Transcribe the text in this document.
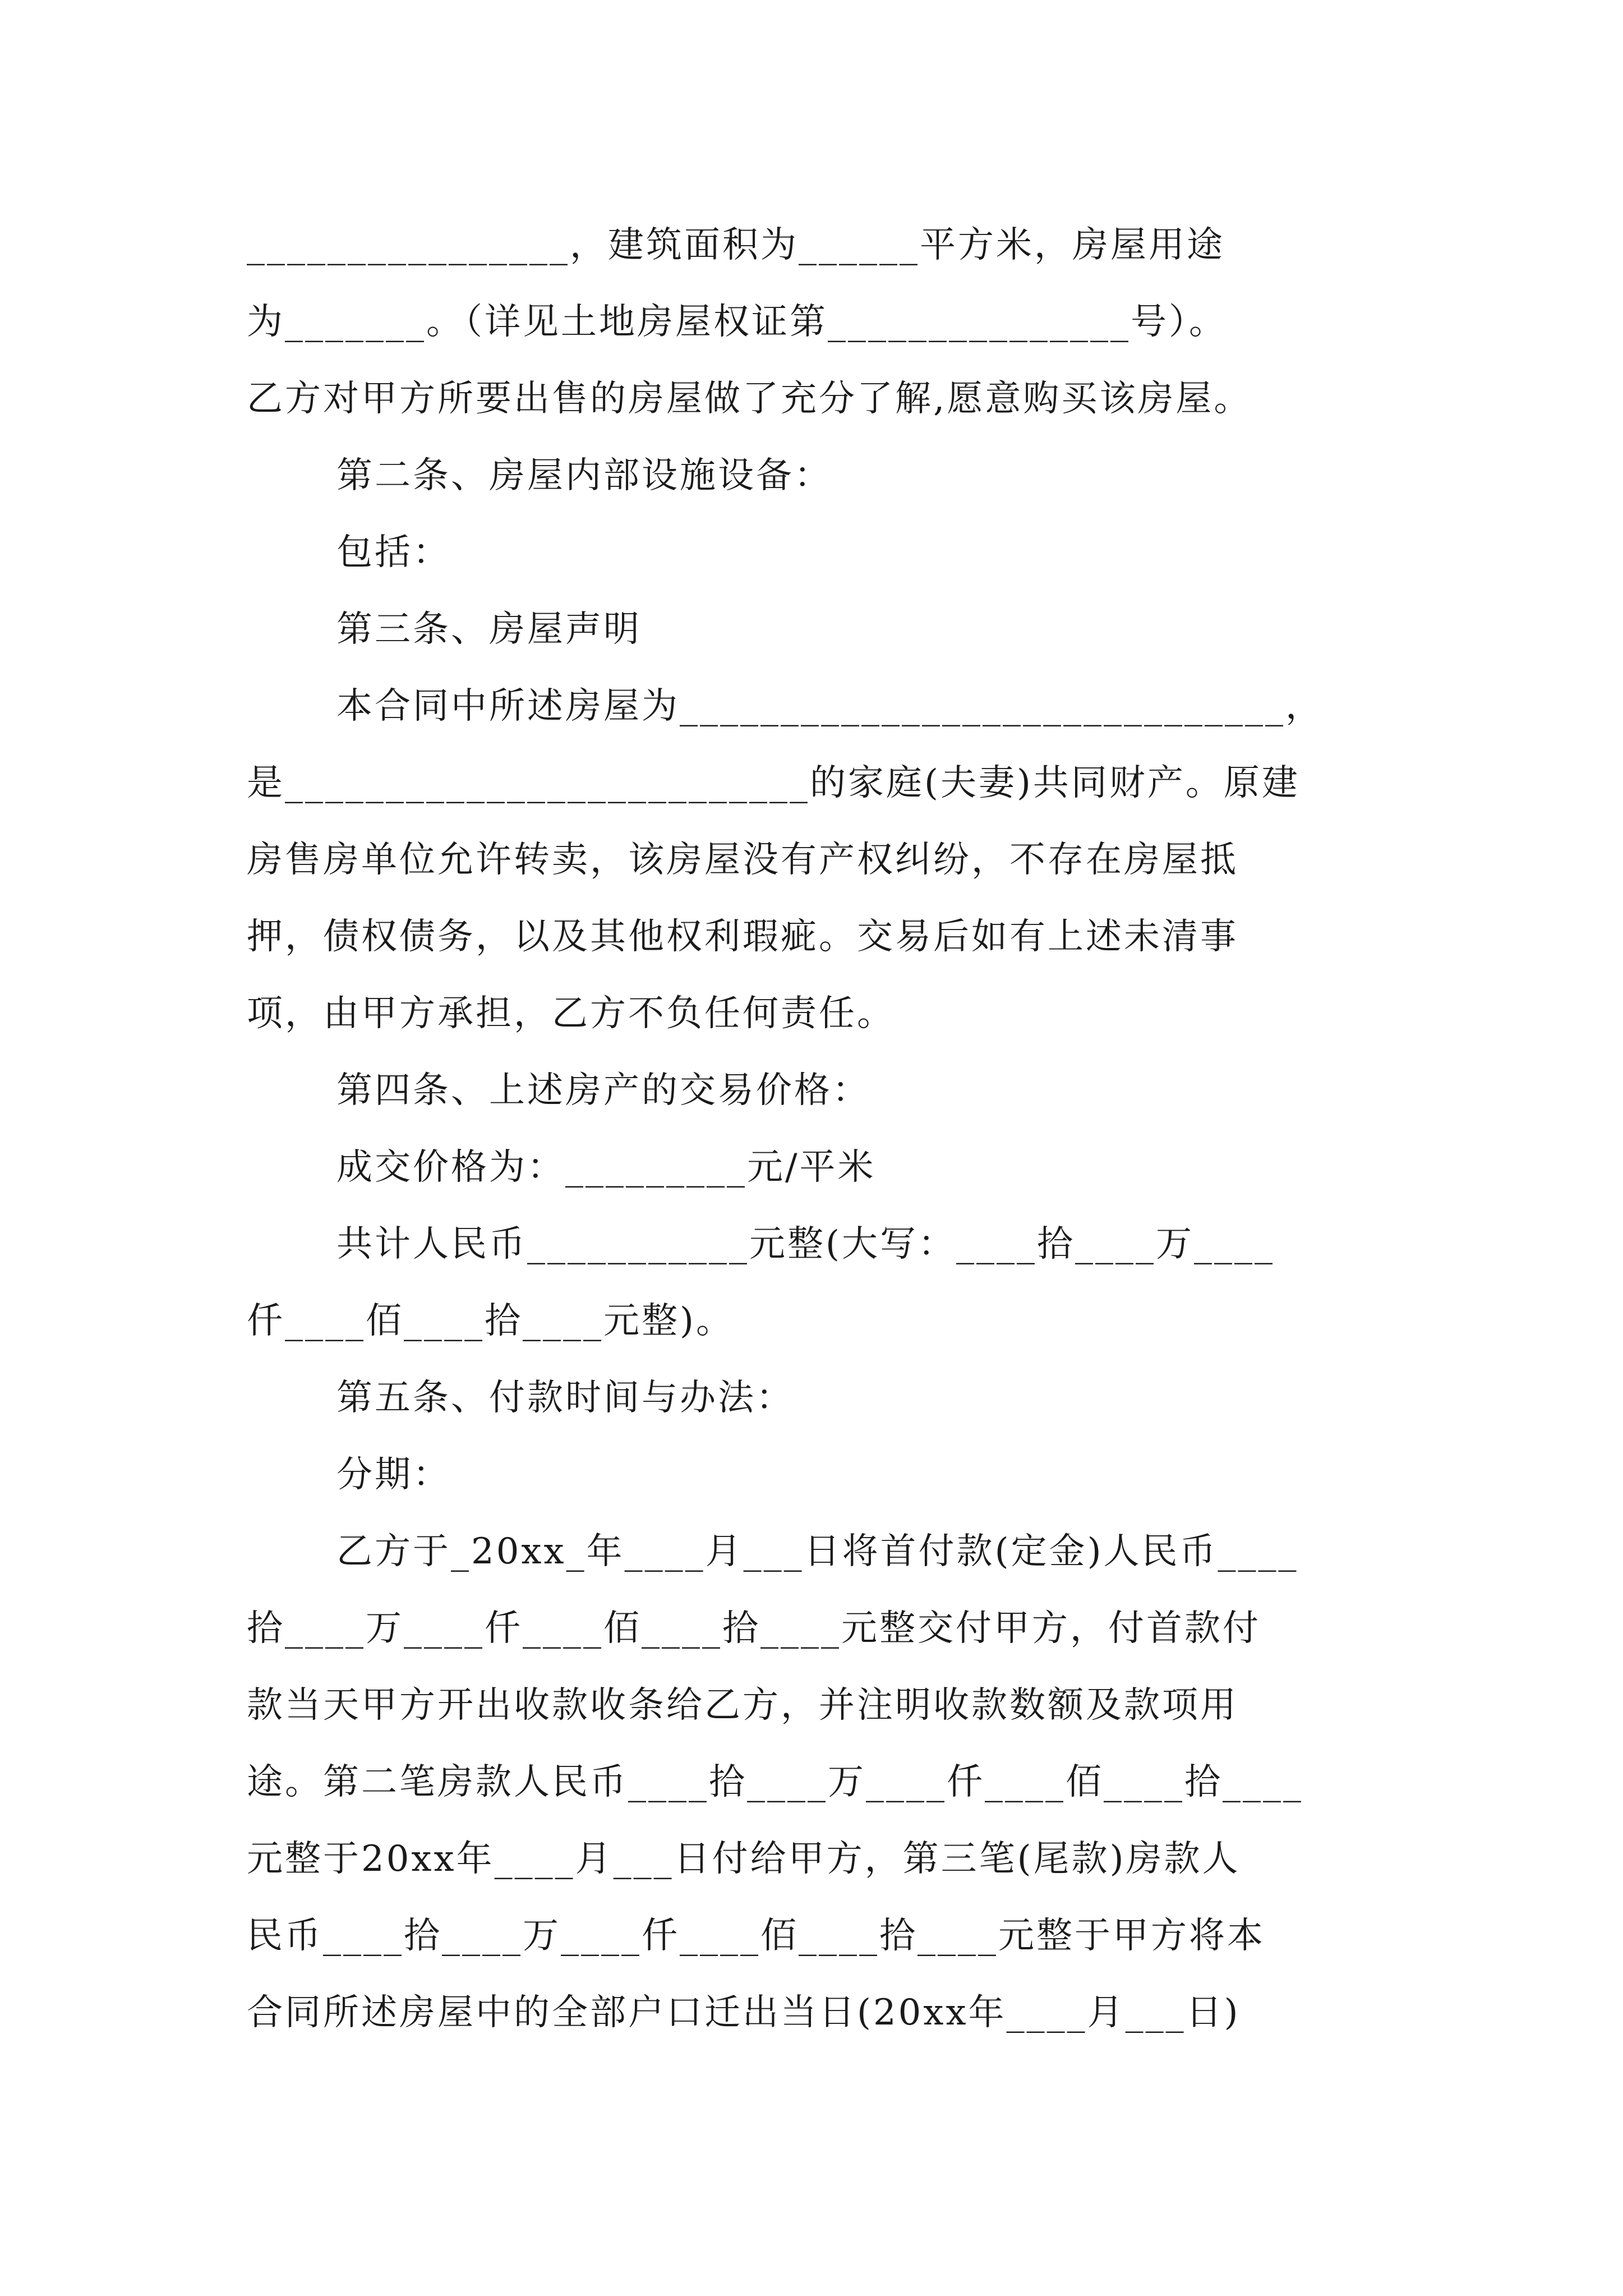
________________，建筑面积为______平方米，房屋用途
为_______。（详见土地房屋权证第_______________号）。
乙方对甲方所要出售的房屋做了充分了解,愿意购买该房屋。
第二条、房屋内部设施设备：
包括：
第三条、房屋声明
本合同中所述房屋为______________________________，
是__________________________的家庭(夫妻)共同财产。原建
房售房单位允许转卖，该房屋没有产权纠纷，不存在房屋抵
押，债权债务，以及其他权利瑕疵。交易后如有上述未清事
项，由甲方承担，乙方不负任何责任。
第四条、上述房产的交易价格：
成交价格为：_________元/平米
共计人民币___________元整(大写：____拾____万____
仟____佰____拾____元整)。
第五条、付款时间与办法：
分期：
乙方于_20xx_年____月___日将首付款(定金)人民币____
拾____万____仟____佰____拾____元整交付甲方，付首款付
款当天甲方开出收款收条给乙方，并注明收款数额及款项用
途。第二笔房款人民币____拾____万____仟____佰____拾____
元整于20xx年____月___日付给甲方，第三笔(尾款)房款人
民币____拾____万____仟____佰____拾____元整于甲方将本
合同所述房屋中的全部户口迁出当日(20xx年____月___日)
